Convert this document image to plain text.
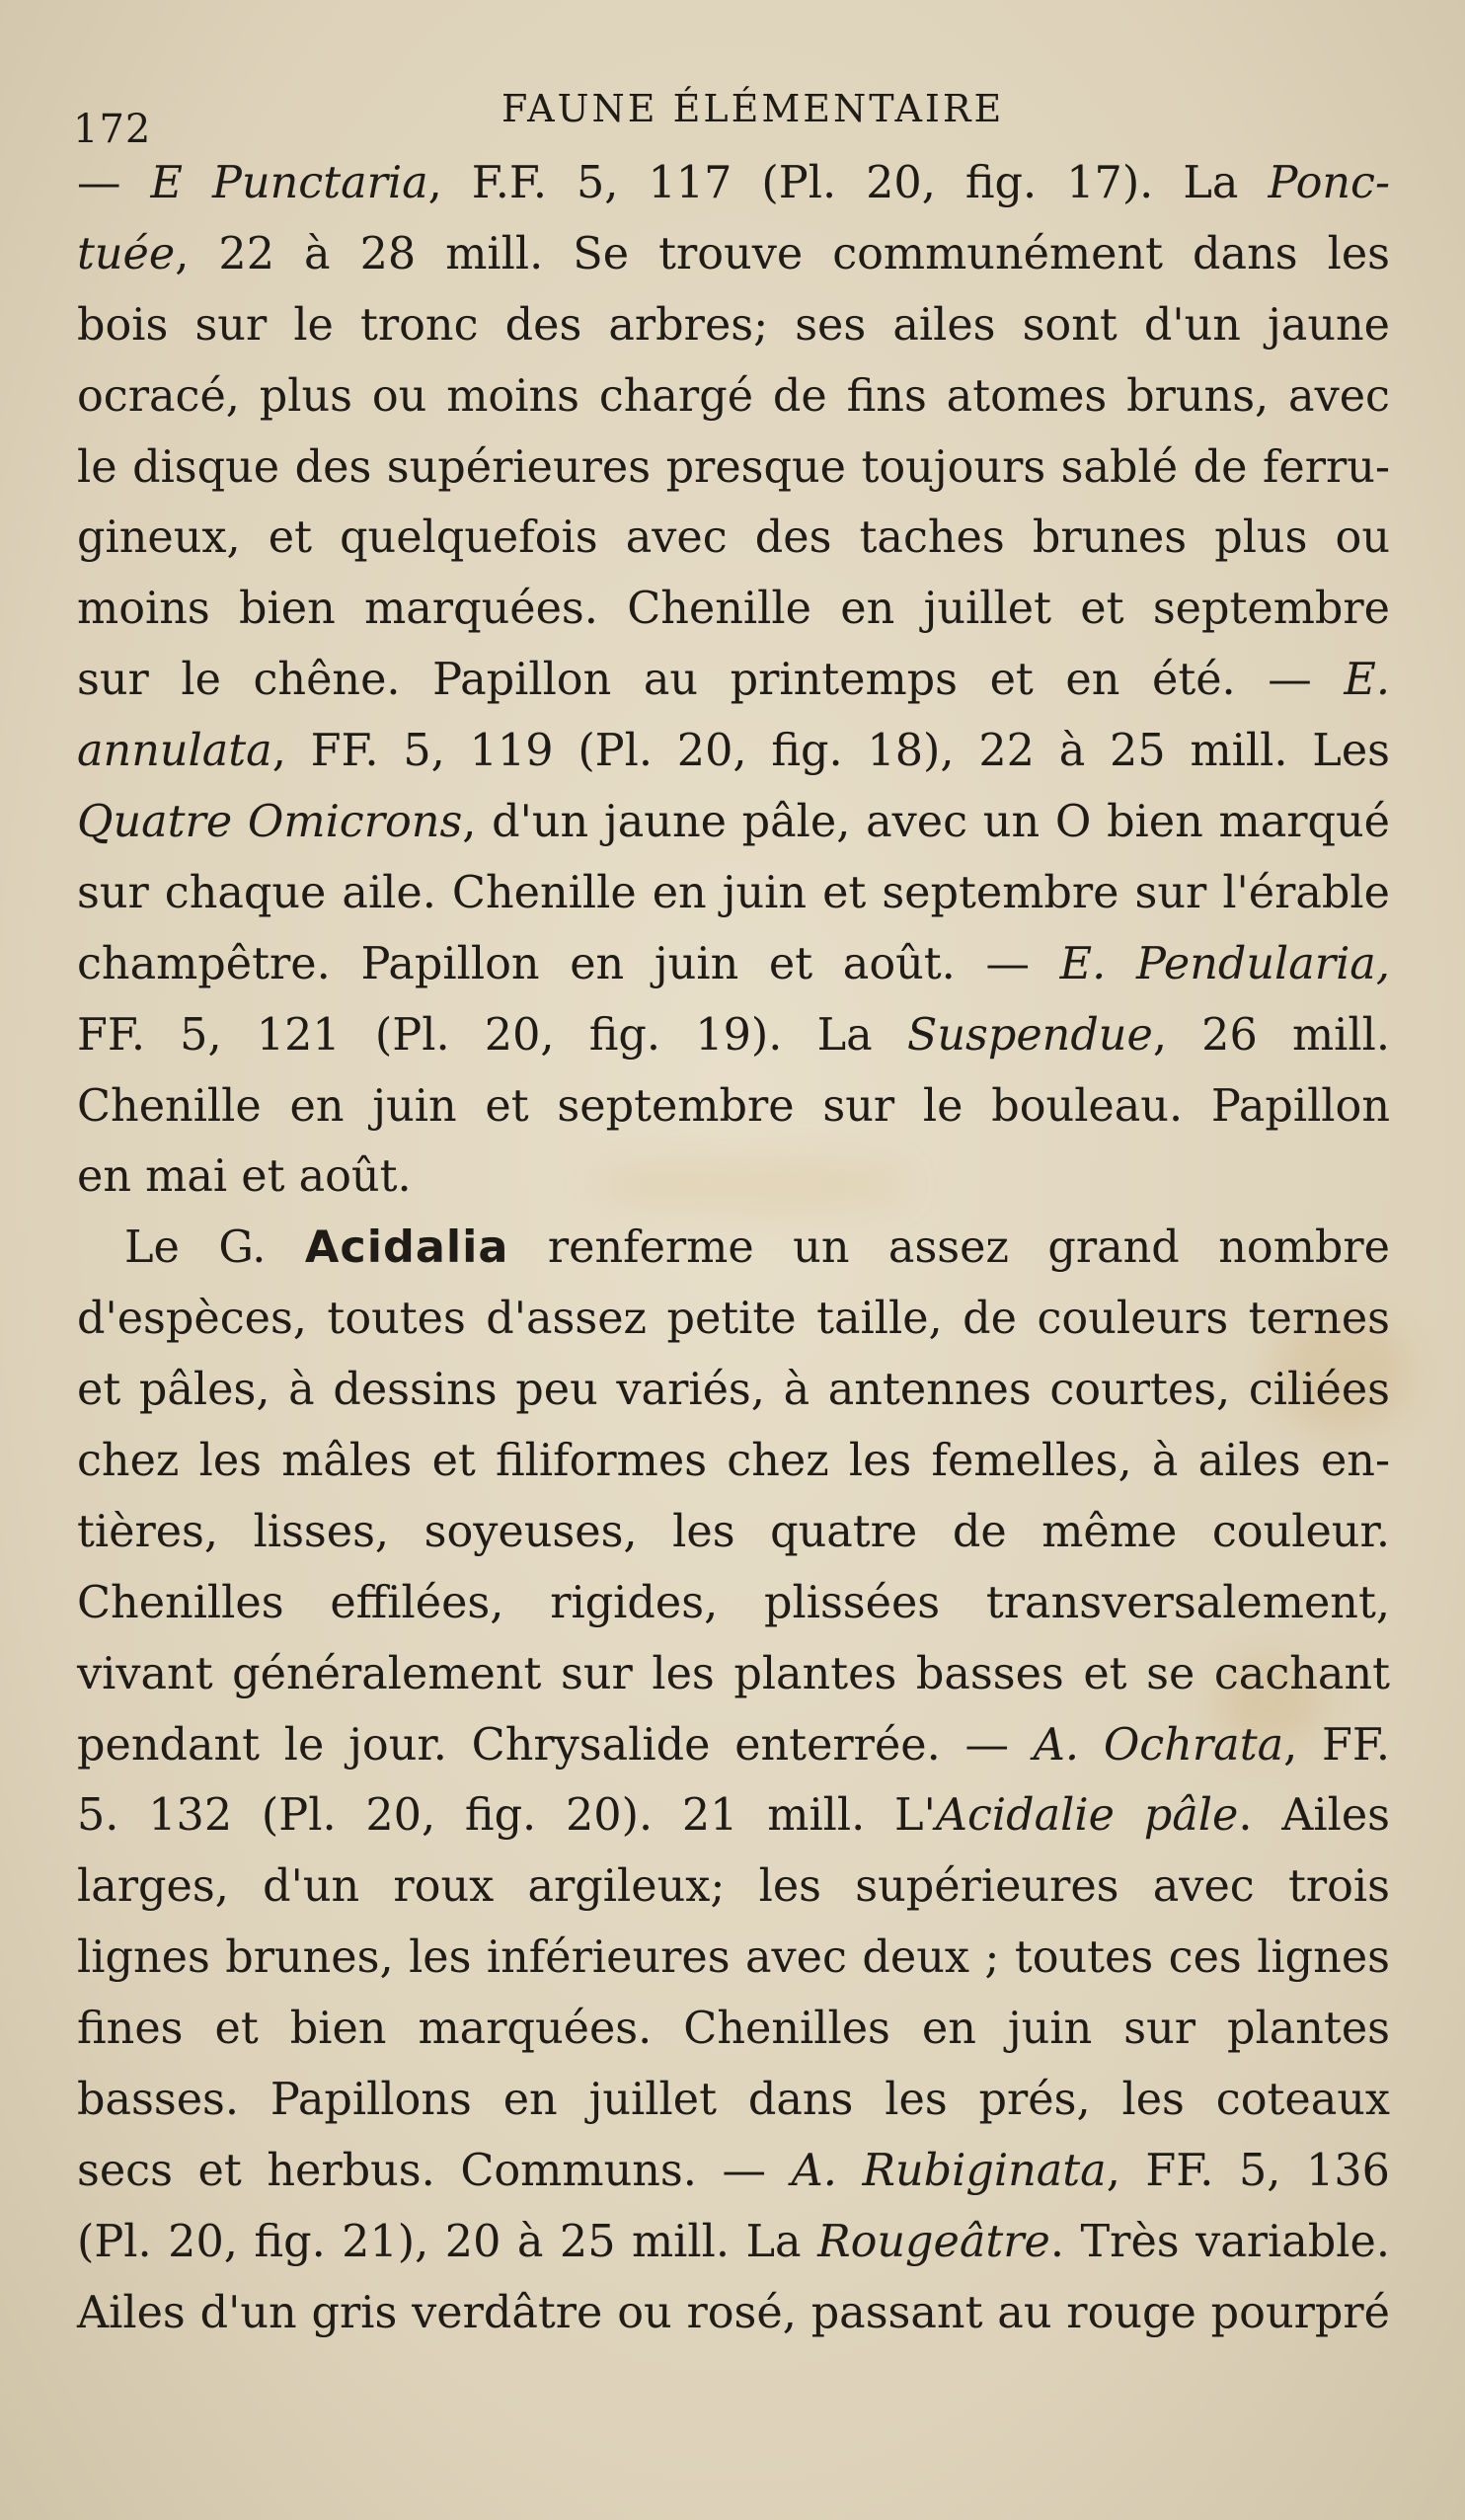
172	FAUNE ÉLÉMENTAIRE
— E Punctaria, F.F. 5, 117 (Pl. 20, fig. 17). La Ponc-
tuée, 22 à 28 mill. Se trouve communément dans les
bois sur le tronc des arbres; ses ailes sont d'un jaune
ocracé, plus ou moins chargé de fins atomes bruns, avec
le disque des supérieures presque toujours sablé de ferru-
gineux, et quelquefois avec des taches brunes plus ou
moins bien marquées. Chenille en juillet et septembre
sur le chêne. Papillon au printemps et en été. — E.
annulata, FF. 5, 119 (Pl. 20, fig. 18), 22 à 25 mill. Les
Quatre Omicrons, d'un jaune pâle, avec un O bien marqué
sur chaque aile. Chenille en juin et septembre sur l'érable
champêtre. Papillon en juin et août. — E. Pendularia,
FF. 5, 121 (Pl. 20, fig. 19). La Suspendue, 26 mill.
Chenille en juin et septembre sur le bouleau. Papillon
en mai et août.
Le G. Acidalia renferme un assez grand nombre
d'espèces, toutes d'assez petite taille, de couleurs ternes
et pâles, à dessins peu variés, à antennes courtes, ciliées
chez les mâles et filiformes chez les femelles, à ailes en-
tières, lisses, soyeuses, les quatre de même couleur.
Chenilles effilées, rigides, plissées transversalement,
vivant généralement sur les plantes basses et se cachant
pendant le jour. Chrysalide enterrée. — A. Ochrata, FF.
5. 132 (Pl. 20, fig. 20). 21 mill. L'Acidalie pâle. Ailes
larges, d'un roux argileux; les supérieures avec trois
lignes brunes, les inférieures avec deux ; toutes ces lignes
fines et bien marquées. Chenilles en juin sur plantes
basses. Papillons en juillet dans les prés, les coteaux
secs et herbus. Communs. — A. Rubiginata, FF. 5, 136
(Pl. 20, fig. 21), 20 à 25 mill. La Rougeâtre. Très variable.
Ailes d'un gris verdâtre ou rosé, passant au rouge pourpré
